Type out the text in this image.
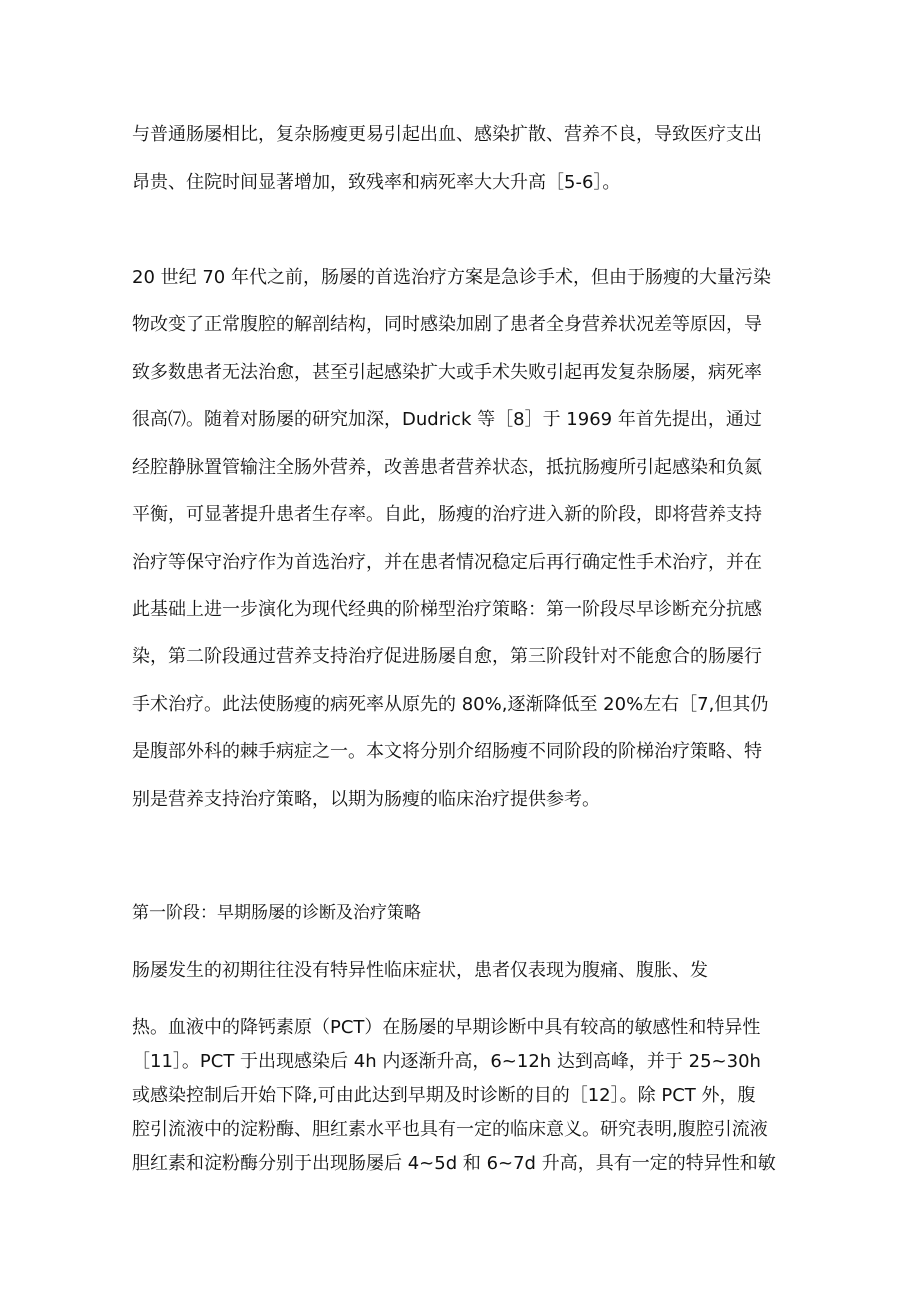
与普通肠屡相比，复杂肠瘦更易引起出血、感染扩散、营养不良，导致医疗支出
昂贵、住院时间显著增加，致残率和病死率大大升高［5-6］。
20 世纪 70 年代之前，肠屡的首选治疗方案是急诊手术，但由于肠瘦的大量污染
物改变了正常腹腔的解剖结构，同时感染加剧了患者全身营养状况差等原因，导
致多数患者无法治愈，甚至引起感染扩大或手术失败引起再发复杂肠屡，病死率
很高⑺。随着对肠屡的研究加深，Dudrick 等［8］于 1969 年首先提出，通过
经腔静脉置管输注全肠外营养，改善患者营养状态，抵抗肠瘦所引起感染和负氮
平衡，可显著提升患者生存率。自此，肠瘦的治疗进入新的阶段，即将营养支持
治疗等保守治疗作为首选治疗，并在患者情况稳定后再行确定性手术治疗，并在
此基础上进一步演化为现代经典的阶梯型治疗策略：第一阶段尽早诊断充分抗感
染，第二阶段通过营养支持治疗促进肠屡自愈，第三阶段针对不能愈合的肠屡行
手术治疗。此法使肠瘦的病死率从原先的 80%,逐渐降低至 20%左右［7,但其仍
是腹部外科的棘手病症之一。本文将分别介绍肠瘦不同阶段的阶梯治疗策略、特
别是营养支持治疗策略，以期为肠瘦的临床治疗提供参考。
第一阶段：早期肠屡的诊断及治疗策略
肠屡发生的初期往往没有特异性临床症状，患者仅表现为腹痛、腹胀、发
热。血液中的降钙素原（PCT）在肠屡的早期诊断中具有较高的敏感性和特异性
［11］。PCT 于出现感染后 4h 内逐渐升高，6~12h 达到高峰，并于 25~30h
或感染控制后开始下降,可由此达到早期及时诊断的目的［12］。除 PCT 外，腹
腔引流液中的淀粉酶、胆红素水平也具有一定的临床意义。研究表明,腹腔引流液
胆红素和淀粉酶分别于出现肠屡后 4~5d 和 6~7d 升高，具有一定的特异性和敏
